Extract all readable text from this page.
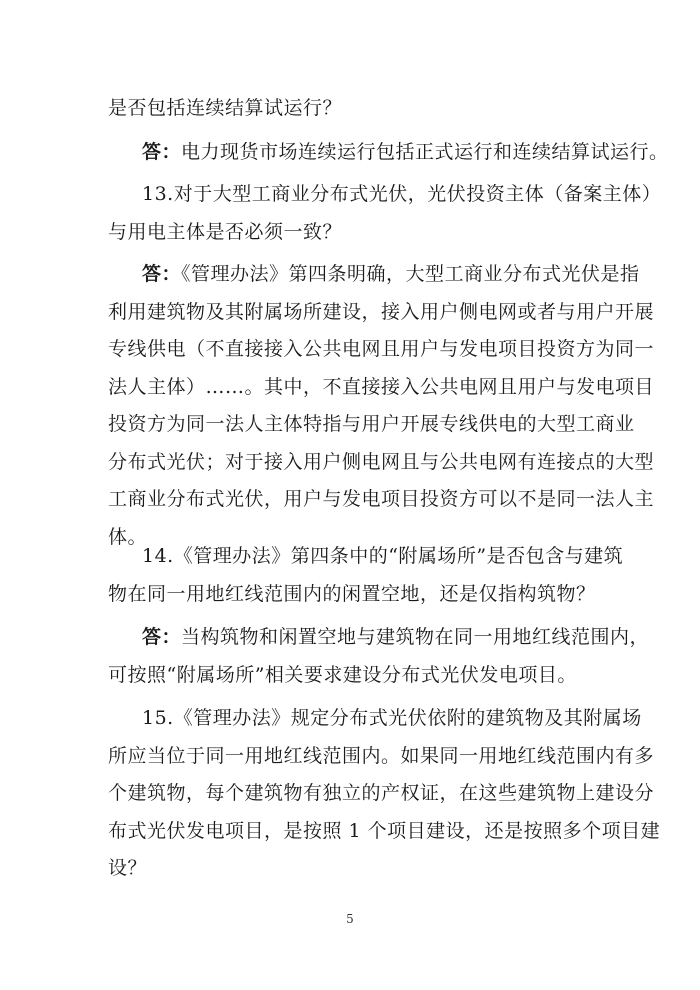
是否包括连续结算试运行？

答：电力现货市场连续运行包括正式运行和连续结算试运行。

13.对于大型工商业分布式光伏，光伏投资主体（备案主体）
与用电主体是否必须一致？

答：《管理办法》第四条明确，大型工商业分布式光伏是指
利用建筑物及其附属场所建设，接入用户侧电网或者与用户开展
专线供电（不直接接入公共电网且用户与发电项目投资方为同一
法人主体）……。其中，不直接接入公共电网且用户与发电项目
投资方为同一法人主体特指与用户开展专线供电的大型工商业
分布式光伏；对于接入用户侧电网且与公共电网有连接点的大型
工商业分布式光伏，用户与发电项目投资方可以不是同一法人主
体。

14.《管理办法》第四条中的“附属场所”是否包含与建筑
物在同一用地红线范围内的闲置空地，还是仅指构筑物？

答：当构筑物和闲置空地与建筑物在同一用地红线范围内，
可按照“附属场所”相关要求建设分布式光伏发电项目。

15.《管理办法》规定分布式光伏依附的建筑物及其附属场
所应当位于同一用地红线范围内。如果同一用地红线范围内有多
个建筑物，每个建筑物有独立的产权证，在这些建筑物上建设分
布式光伏发电项目，是按照 1 个项目建设，还是按照多个项目建
设？

5
